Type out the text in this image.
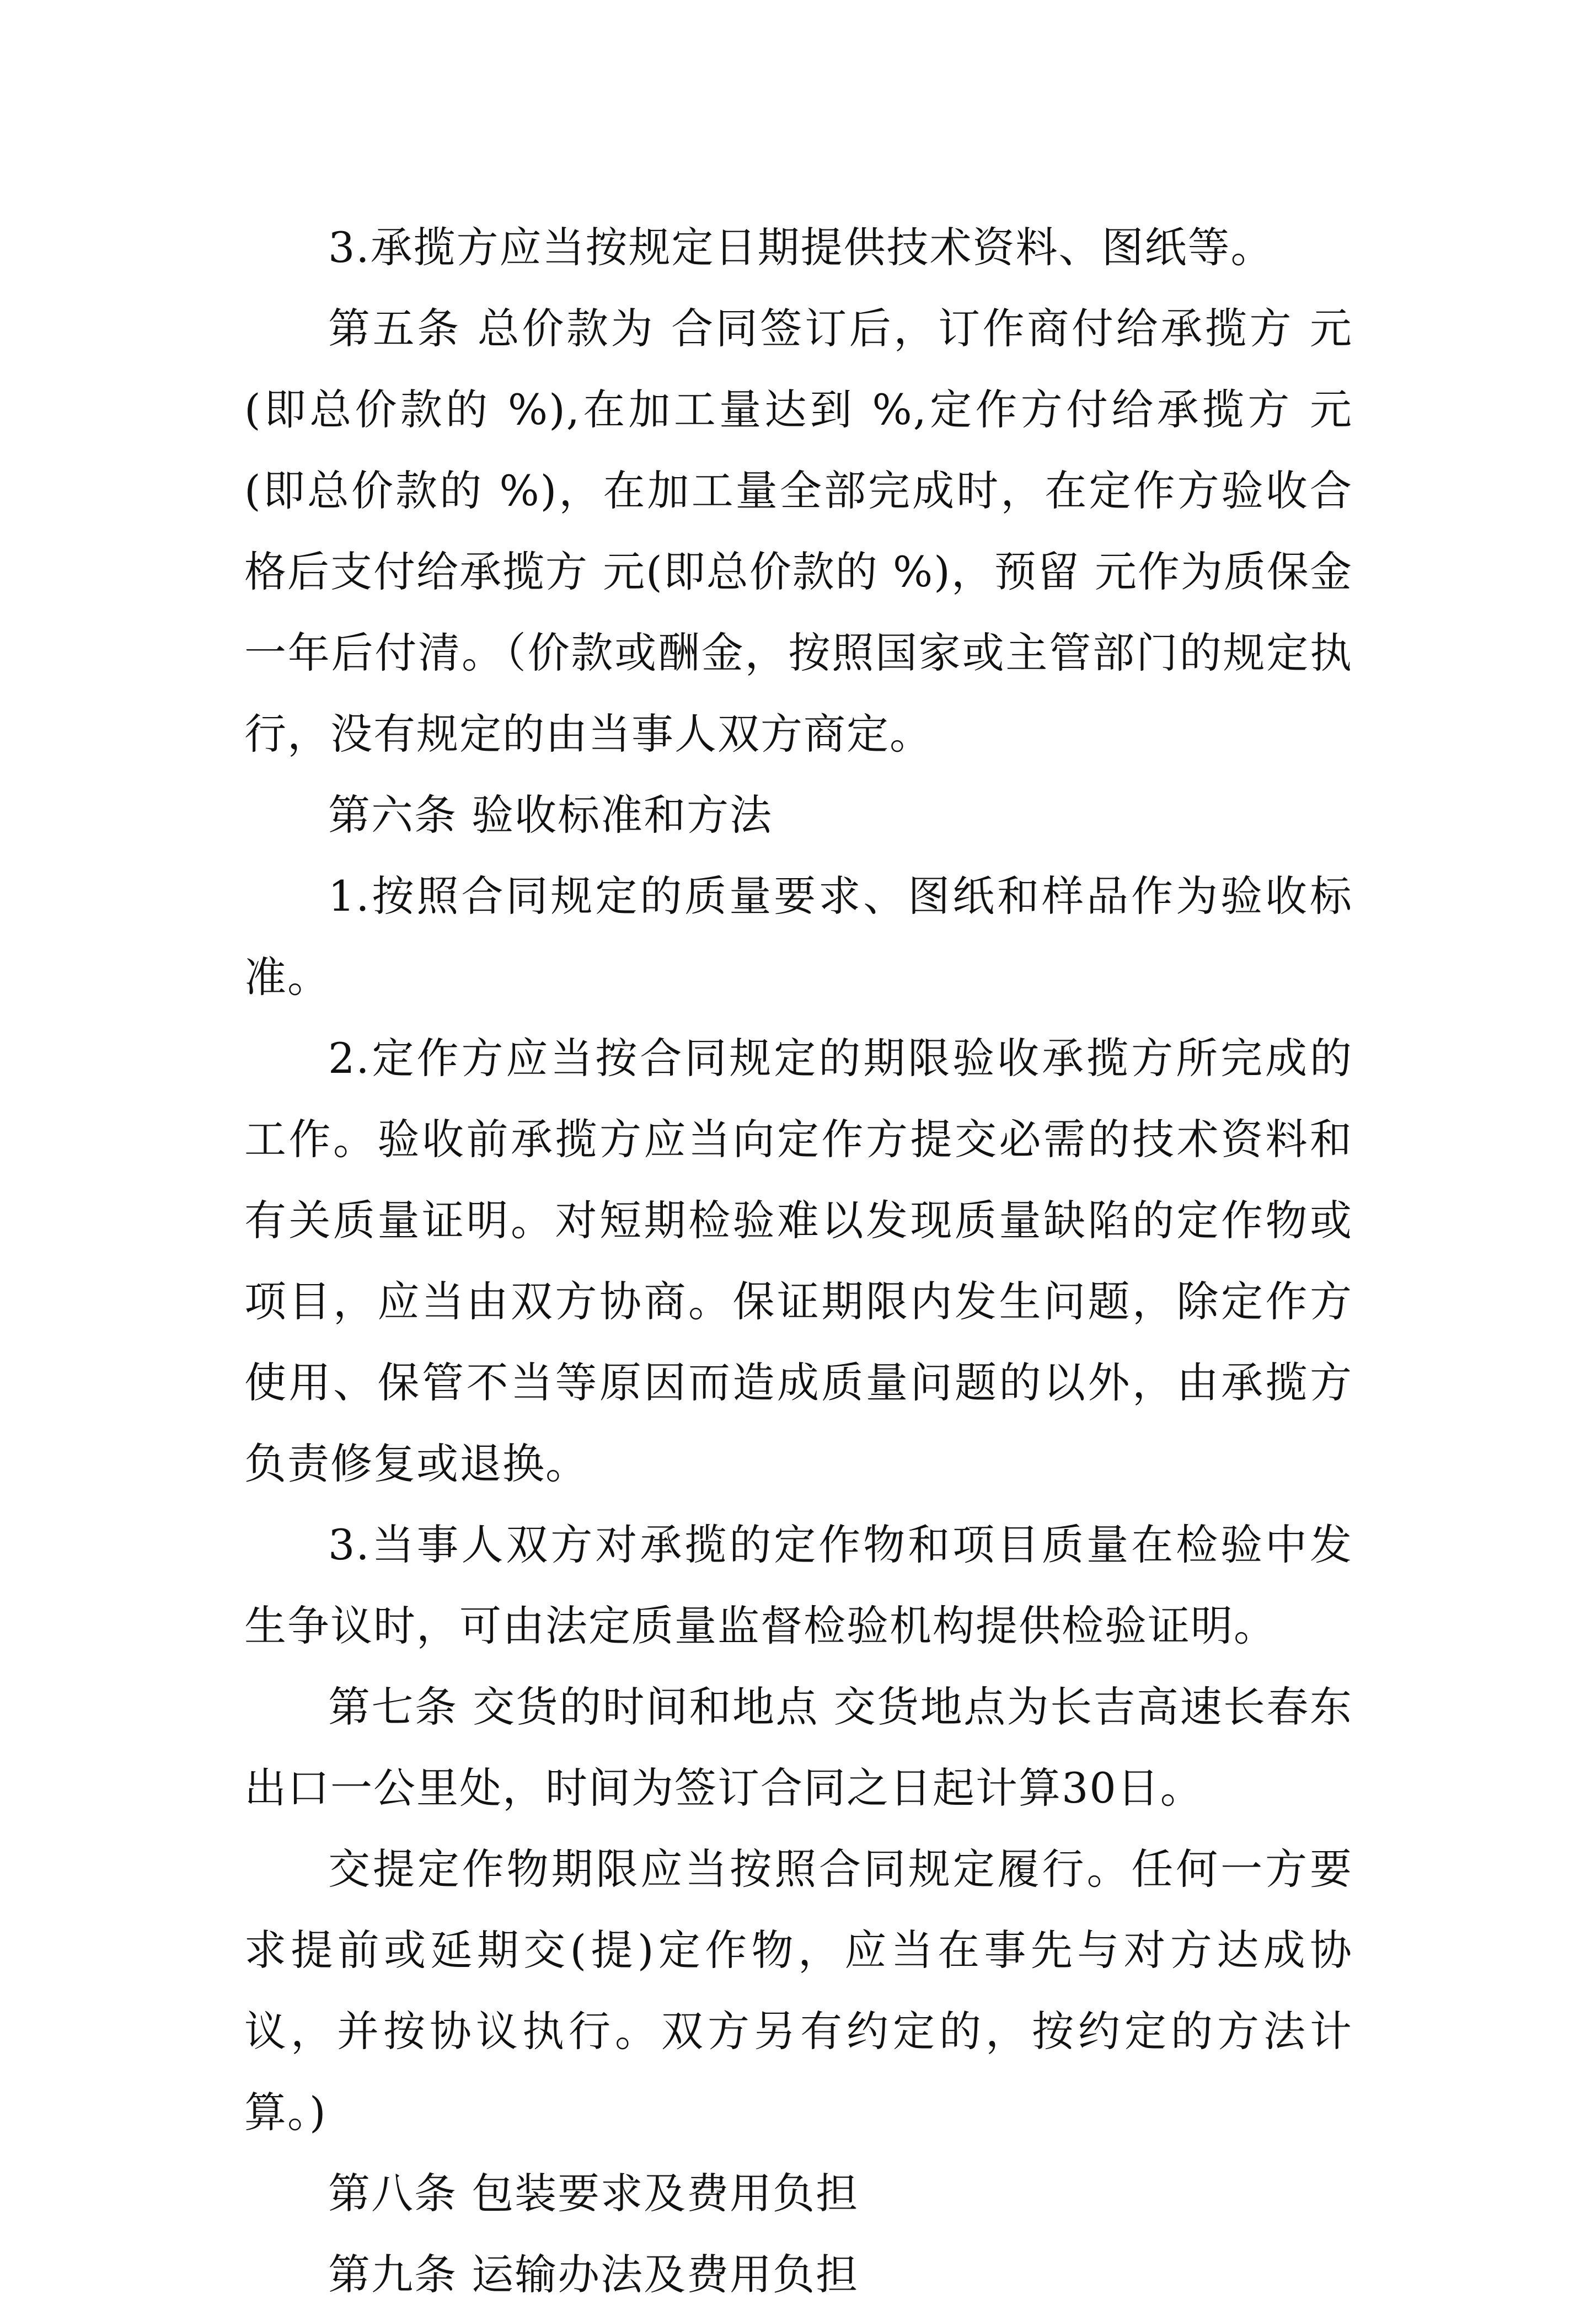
3.承揽方应当按规定日期提供技术资料、图纸等。

第五条 总价款为 合同签订后，订作商付给承揽方 元(即总价款的 %),在加工量达到 %,定作方付给承揽方 元(即总价款的 %)，在加工量全部完成时，在定作方验收合格后支付给承揽方 元(即总价款的 %)，预留 元作为质保金一年后付清。（价款或酬金，按照国家或主管部门的规定执行，没有规定的由当事人双方商定。

第六条 验收标准和方法

1.按照合同规定的质量要求、图纸和样品作为验收标准。

2.定作方应当按合同规定的期限验收承揽方所完成的工作。验收前承揽方应当向定作方提交必需的技术资料和有关质量证明。对短期检验难以发现质量缺陷的定作物或项目，应当由双方协商。保证期限内发生问题，除定作方使用、保管不当等原因而造成质量问题的以外，由承揽方负责修复或退换。

3.当事人双方对承揽的定作物和项目质量在检验中发生争议时，可由法定质量监督检验机构提供检验证明。

第七条 交货的时间和地点 交货地点为长吉高速长春东出口一公里处，时间为签订合同之日起计算30日。

交提定作物期限应当按照合同规定履行。任何一方要求提前或延期交(提)定作物，应当在事先与对方达成协议，并按协议执行。双方另有约定的，按约定的方法计算。)

第八条 包装要求及费用负担

第九条 运输办法及费用负担
